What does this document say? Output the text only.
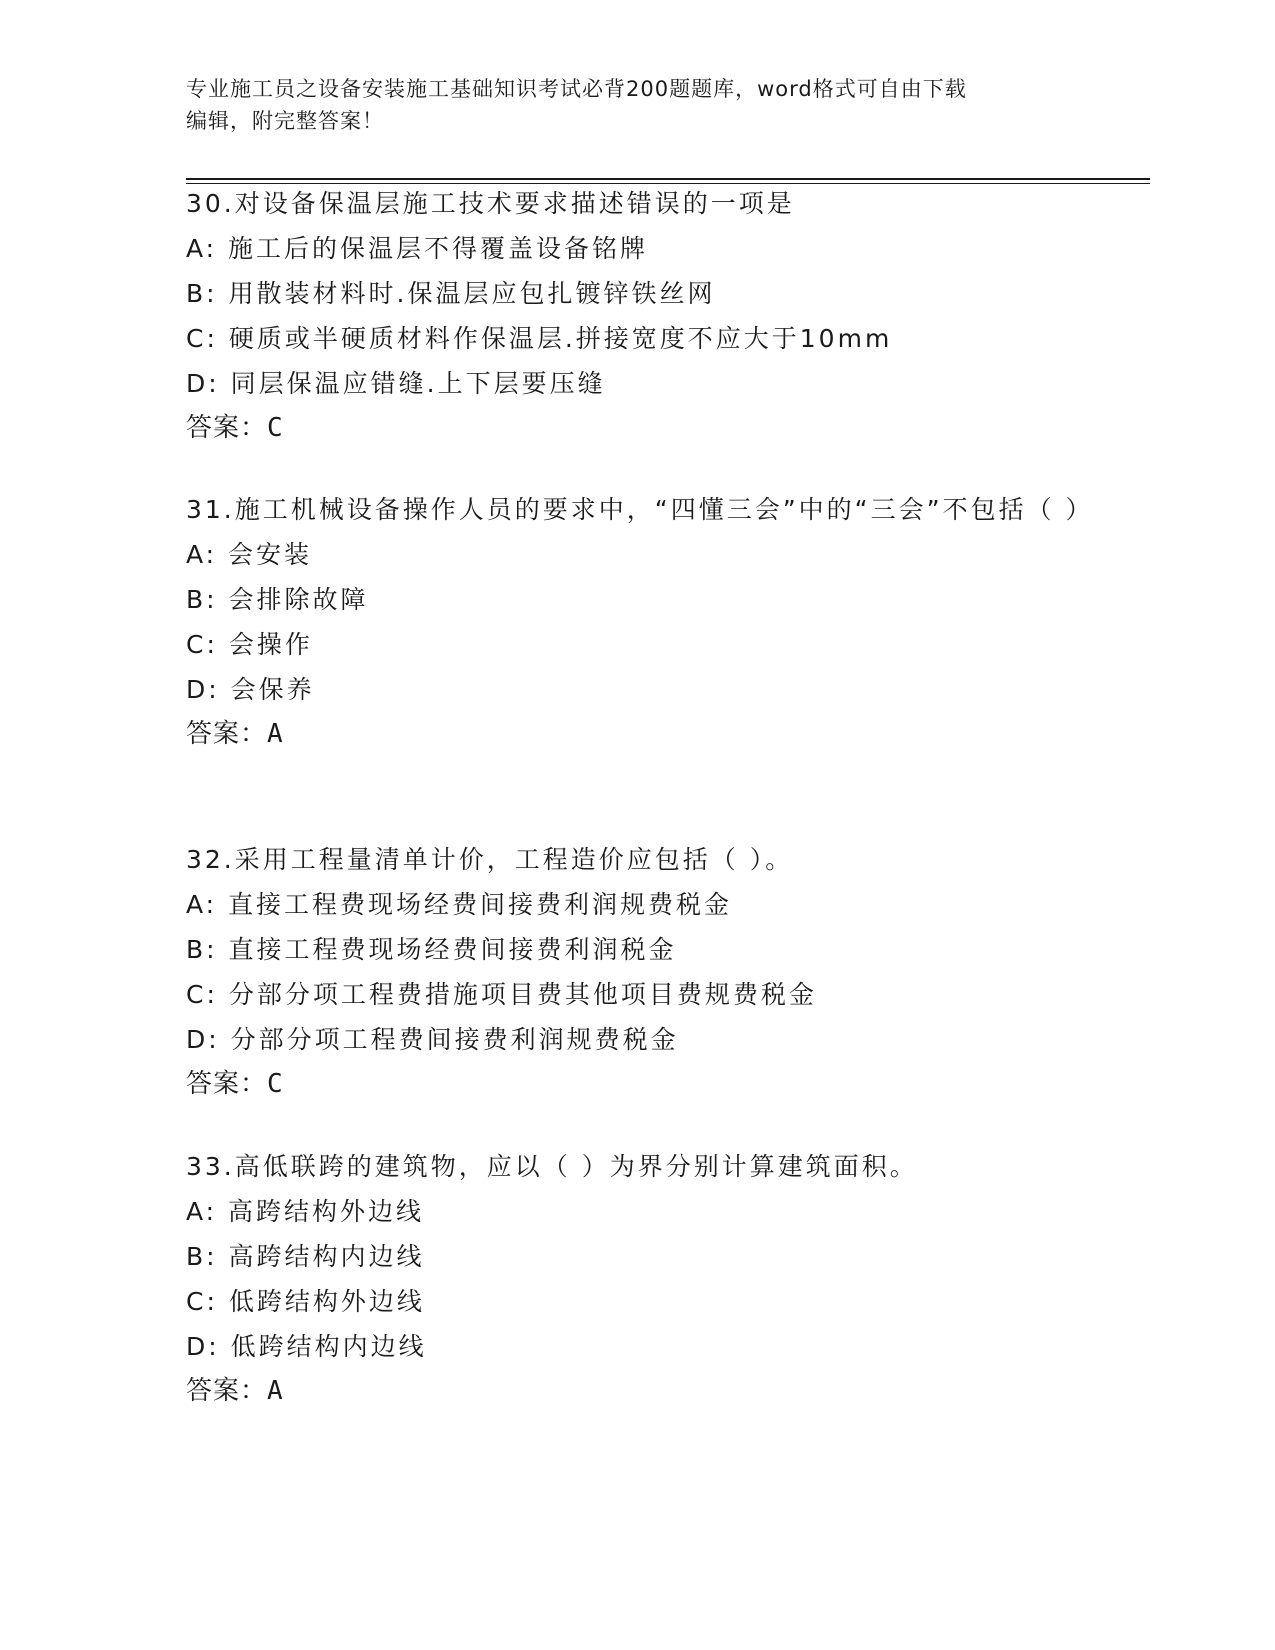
专业施工员之设备安装施工基础知识考试必背200题题库，word格式可自由下载
编辑，附完整答案！
30.对设备保温层施工技术要求描述错误的一项是
A: 施工后的保温层不得覆盖设备铭牌
B: 用散装材料时.保温层应包扎镀锌铁丝网
C: 硬质或半硬质材料作保温层.拼接宽度不应大于10mm
D: 同层保温应错缝.上下层要压缝
答案：C
31.施工机械设备操作人员的要求中，“四懂三会”中的“三会”不包括（ ）
A: 会安装
B: 会排除故障
C: 会操作
D: 会保养
答案：A
32.采用工程量清单计价，工程造价应包括（ ）。
A: 直接工程费现场经费间接费利润规费税金
B: 直接工程费现场经费间接费利润税金
C: 分部分项工程费措施项目费其他项目费规费税金
D: 分部分项工程费间接费利润规费税金
答案：C
33.高低联跨的建筑物，应以（ ）为界分别计算建筑面积。
A: 高跨结构外边线
B: 高跨结构内边线
C: 低跨结构外边线
D: 低跨结构内边线
答案：A
